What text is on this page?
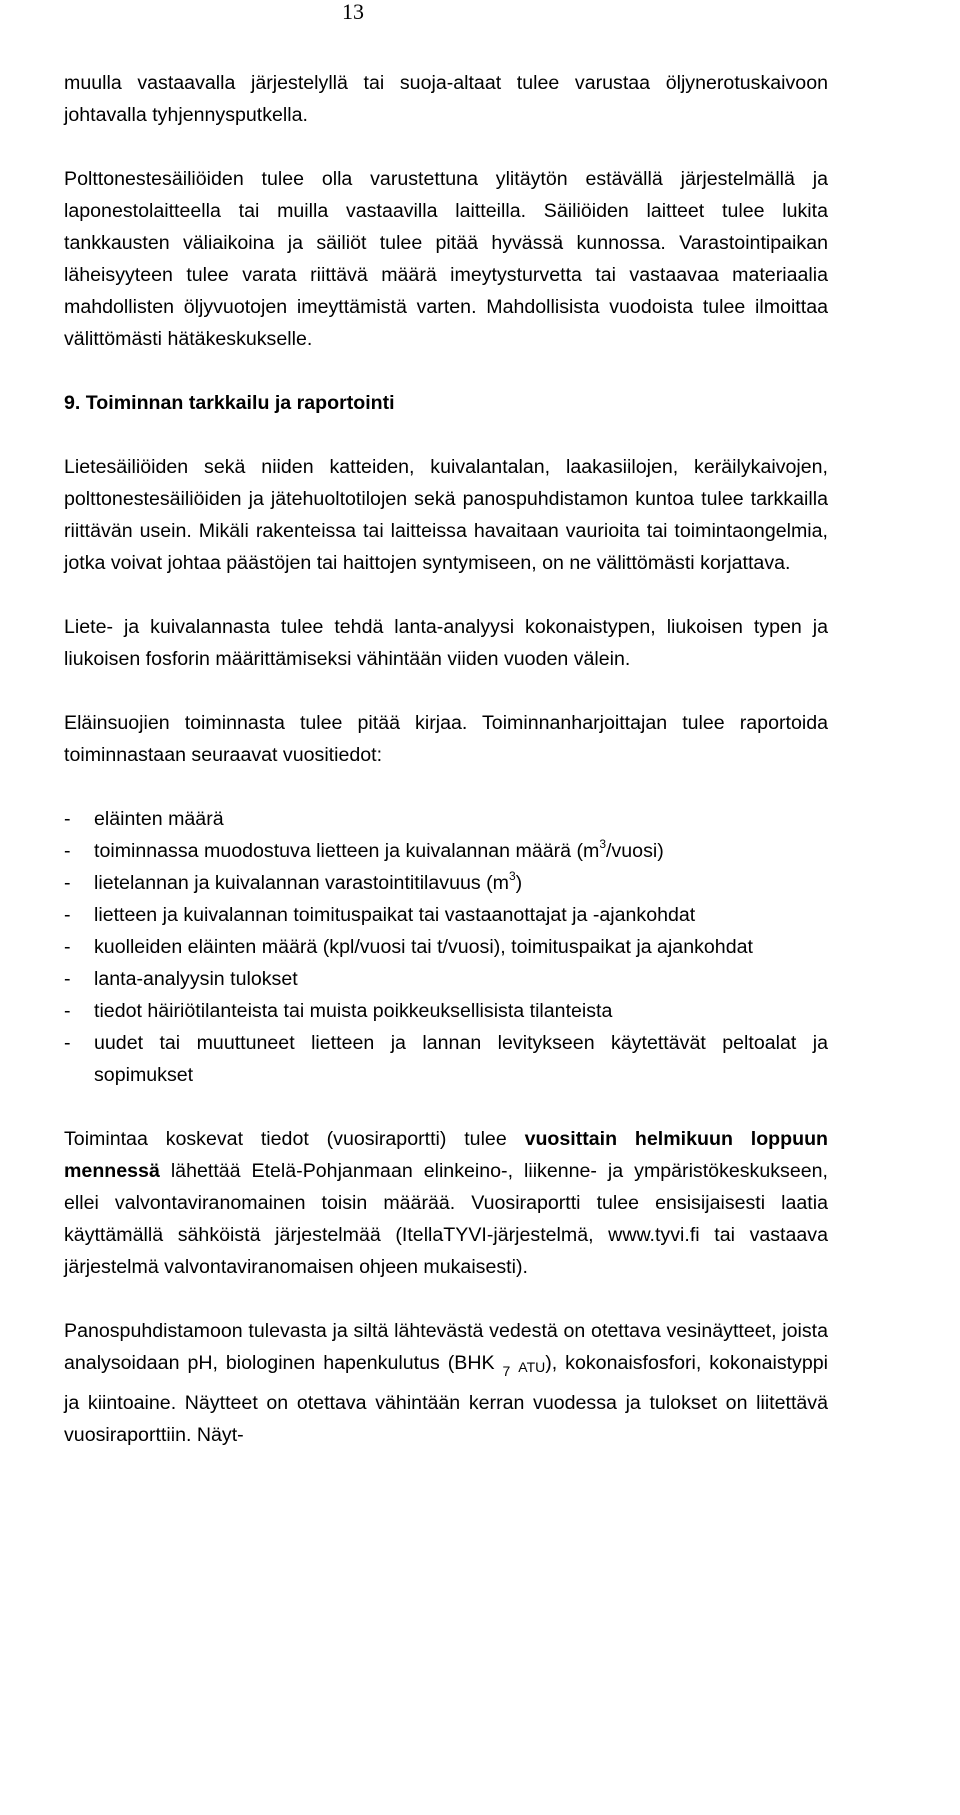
13

muulla vastaavalla järjestelyllä tai suoja-altaat tulee varustaa öljynerotuskaivoon johtavalla tyhjennysputkella.

Polttonestesäiliöiden tulee olla varustettuna ylitäytön estävällä järjestelmällä ja laponestolaitteella tai muilla vastaavilla laitteilla. Säiliöiden laitteet tulee lukita tankkausten väliaikoina ja säiliöt tulee pitää hyvässä kunnossa. Varastointipaikan läheisyyteen tulee varata riittävä määrä imeytysturvetta tai vastaavaa materiaalia mahdollisten öljyvuotojen imeyttämistä varten. Mahdollisista vuodoista tulee ilmoittaa välittömästi hätäkeskukselle.

9. Toiminnan tarkkailu ja raportointi

Lietesäiliöiden sekä niiden katteiden, kuivalantalan, laakasiilojen, keräilykaivojen, polttonestesäiliöiden ja jätehuoltotilojen sekä panospuhdistamon kuntoa tulee tarkkailla riittävän usein. Mikäli rakenteissa tai laitteissa havaitaan vaurioita tai toimintaongelmia, jotka voivat johtaa päästöjen tai haittojen syntymiseen, on ne välittömästi korjattava.

Liete- ja kuivalannasta tulee tehdä lanta-analyysi kokonaistypen, liukoisen typen ja liukoisen fosforin määrittämiseksi vähintään viiden vuoden välein.

Eläinsuojien toiminnasta tulee pitää kirjaa. Toiminnanharjoittajan tulee raportoida toiminnastaan seuraavat vuositiedot:

- eläinten määrä
- toiminnassa muodostuva lietteen ja kuivalannan määrä $(m^3/vuosi)$
- lietelannan ja kuivalannan varastointitilavuus $(m^3)$
- lietteen ja kuivalannan toimituspaikat tai vastaanottajat ja -ajankohdat
- kuolleiden eläinten määrä (kpl/vuosi tai t/vuosi), toimituspaikat ja ajankohdat
- lanta-analyysin tulokset
- tiedot häiriötilanteista tai muista poikkeuksellisista tilanteista
- uudet tai muuttuneet lietteen ja lannan levitykseen käytettävät peltoalat ja sopimukset

Toimintaa koskevat tiedot (vuosiraportti) tulee vuosittain helmikuun loppuun mennessä lähettää Etelä-Pohjanmaan elinkeino-, liikenne- ja ympäristökeskukseen, ellei valvontaviranomainen toisin määrää. Vuosiraportti tulee ensisijaisesti laatia käyttämällä sähköistä järjestelmää (ItellaTYVI-järjestelmä, www.tyvi.fi tai vastaava järjestelmä valvontaviranomaisen ohjeen mukaisesti).

Panospuhdistamoon tulevasta ja siltä lähtevästä vedestä on otettava vesinäytteet, joista analysoidaan pH, biologinen hapenkulutus (BHK $_7$ ATU), kokonaisfosfori, kokonaistyppi ja kiintoaine. Näytteet on otettava vähintään kerran vuodessa ja tulokset on liitettävä vuosiraporttiin. Näyt-
